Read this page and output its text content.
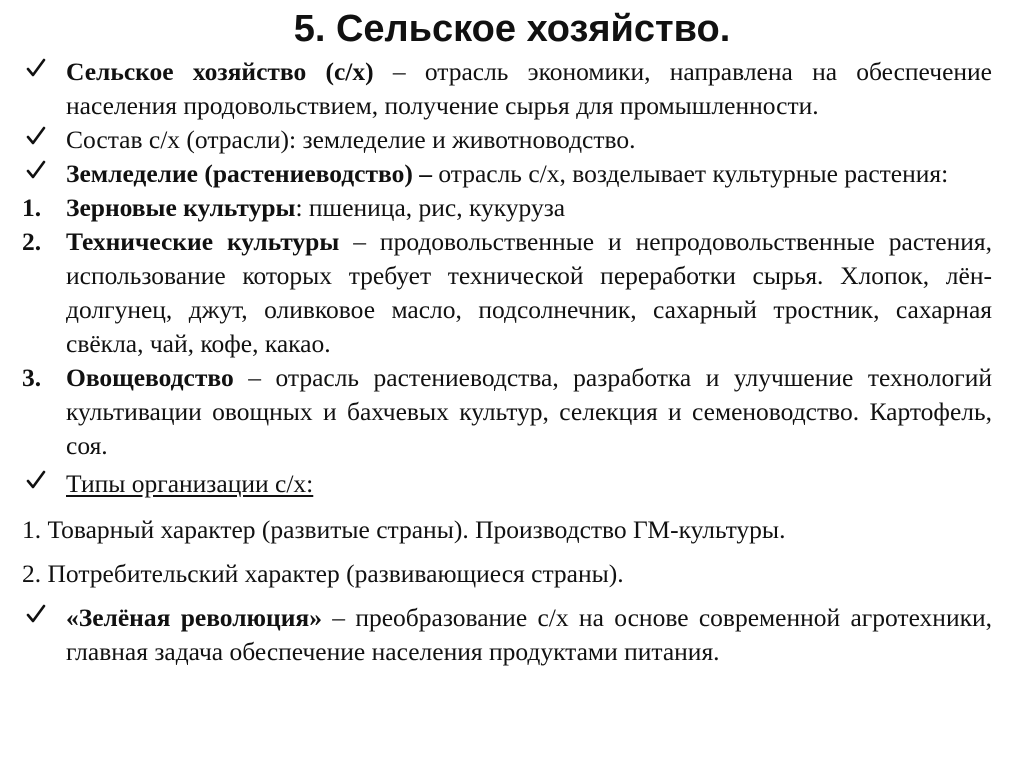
5. Сельское хозяйство.
Сельское хозяйство (с/х) – отрасль экономики, направлена на обеспечение населения продовольствием, получение сырья для промышленности.
Состав с/х (отрасли): земледелие и животноводство.
Земледелие (растениеводство) – отрасль с/х, возделывает культурные растения:
1. Зерновые культуры: пшеница, рис, кукуруза
2. Технические культуры – продовольственные и непродовольственные растения, использование которых требует технической переработки сырья. Хлопок, лён-долгунец, джут, оливковое масло, подсолнечник, сахарный тростник, сахарная свёкла, чай, кофе, какао.
3. Овощеводство – отрасль растениеводства, разработка и улучшение технологий культивации овощных и бахчевых культур, селекция и семеноводство. Картофель, соя.
Типы организации с/х:
1. Товарный характер (развитые страны). Производство ГМ-культуры.
2. Потребительский характер (развивающиеся страны).
«Зелёная революция» – преобразование с/х на основе современной агротехники, главная задача обеспечение населения продуктами питания.
